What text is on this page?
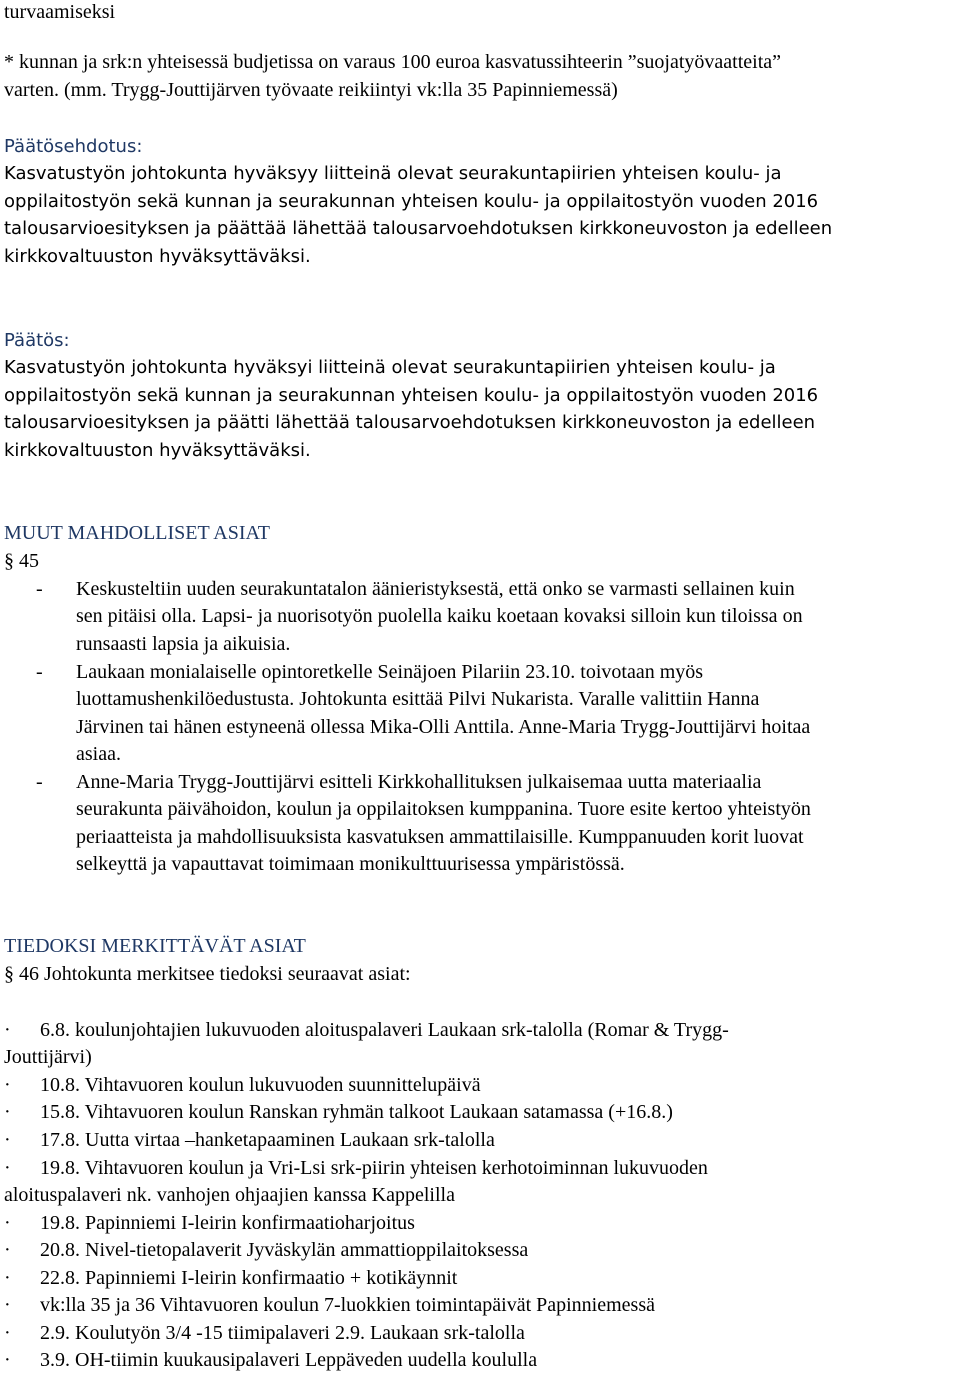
turvaamiseksi

* kunnan ja srk:n yhteisessä budjetissa on varaus 100 euroa kasvatussihteerin ”suojatyövaatteita”

varten. (mm. Trygg-Jouttijärven työvaate reikiintyi vk:lla 35 Papinniemessä)

Päätösehdotus:

Kasvatustyön johtokunta hyväksyy liitteinä olevat seurakuntapiirien yhteisen koulu- ja

oppilaitostyön sekä kunnan ja seurakunnan yhteisen koulu- ja oppilaitostyön vuoden 2016

talousarvioesityksen ja päättää lähettää talousarvoehdotuksen kirkkoneuvoston ja edelleen

kirkkovaltuuston hyväksyttäväksi.

Päätös:

Kasvatustyön johtokunta hyväksyi liitteinä olevat seurakuntapiirien yhteisen koulu- ja

oppilaitostyön sekä kunnan ja seurakunnan yhteisen koulu- ja oppilaitostyön vuoden 2016

talousarvioesityksen ja päätti lähettää talousarvoehdotuksen kirkkoneuvoston ja edelleen

kirkkovaltuuston hyväksyttäväksi.

MUUT MAHDOLLISET ASIAT

§ 45

- Keskusteltiin uuden seurakuntatalon äänieristyksestä, että onko se varmasti sellainen kuin
sen pitäisi olla. Lapsi- ja nuorisotyön puolella kaiku koetaan kovaksi silloin kun tiloissa on
runsaasti lapsia ja aikuisia.
- Laukaan monialaiselle opintoretkelle Seinäjoen Pilariin 23.10. toivotaan myös
luottamushenkilöedustusta. Johtokunta esittää Pilvi Nukarista. Varalle valittiin Hanna
Järvinen tai hänen estyneenä ollessa Mika-Olli Anttila. Anne-Maria Trygg-Jouttijärvi hoitaa
asiaa.
- Anne-Maria Trygg-Jouttijärvi esitteli Kirkkohallituksen julkaisemaa uutta materiaalia
seurakunta päivähoidon, koulun ja oppilaitoksen kumppanina. Tuore esite kertoo yhteistyön
periaatteista ja mahdollisuuksista kasvatuksen ammattilaisille. Kumppanuuden korit luovat
selkeyttä ja vapauttavat toimimaan monikulttuurisessa ympäristössä.

TIEDOKSI MERKITTÄVÄT ASIAT

§ 46 Johtokunta merkitsee tiedoksi seuraavat asiat:

· 6.8. koulunjohtajien lukuvuoden aloituspalaveri Laukaan srk-talolla (Romar & Trygg-
Jouttijärvi)
· 10.8. Vihtavuoren koulun lukuvuoden suunnittelupäivä
· 15.8. Vihtavuoren koulun Ranskan ryhmän talkoot Laukaan satamassa (+16.8.)
· 17.8. Uutta virtaa –hanketapaaminen Laukaan srk-talolla
· 19.8. Vihtavuoren koulun ja Vri-Lsi srk-piirin yhteisen kerhotoiminnan lukuvuoden
aloituspalaveri nk. vanhojen ohjaajien kanssa Kappelilla
· 19.8. Papinniemi I-leirin konfirmaatioharjoitus
· 20.8. Nivel-tietopalaverit Jyväskylän ammattioppilaitoksessa
· 22.8. Papinniemi I-leirin konfirmaatio + kotikäynnit
· vk:lla 35 ja 36 Vihtavuoren koulun 7-luokkien toimintapäivät Papinniemessä
· 2.9. Koulutyön 3/4 -15 tiimipalaveri 2.9. Laukaan srk-talolla
· 3.9. OH-tiimin kuukausipalaveri Leppäveden uudella koululla
